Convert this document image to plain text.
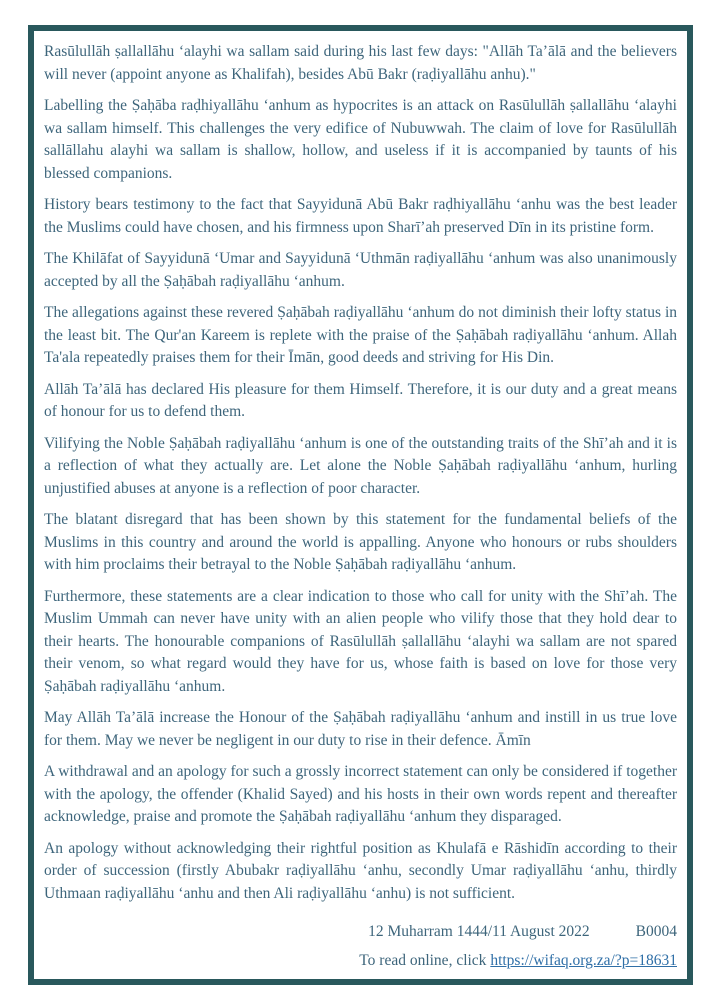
Rasūlullāh ṣallallāhu ‘alayhi wa sallam said during his last few days: "Allāh Ta’ālā and the believers will never (appoint anyone as Khalifah), besides Abū Bakr (raḍiyallāhu anhu)."

Labelling the Ṣaḥāba raḍhiyallāhu ‘anhum as hypocrites is an attack on Rasūlullāh ṣallallāhu ‘alayhi wa sallam himself. This challenges the very edifice of Nubuwwah. The claim of love for Rasūlullāh sallāllahu alayhi wa sallam is shallow, hollow, and useless if it is accompanied by taunts of his blessed companions.

History bears testimony to the fact that Sayyidunā Abū Bakr raḍhiyallāhu ‘anhu was the best leader the Muslims could have chosen, and his firmness upon Sharī’ah preserved Dīn in its pristine form.

The Khilāfat of Sayyidunā ‘Umar and Sayyidunā ‘Uthmān raḍiyallāhu ‘anhum was also unanimously accepted by all the Ṣaḥābah raḍiyallāhu ‘anhum.

The allegations against these revered Ṣaḥābah raḍiyallāhu ‘anhum do not diminish their lofty status in the least bit. The Qur'an Kareem is replete with the praise of the Ṣaḥābah raḍiyallāhu ‘anhum. Allah Ta'ala repeatedly praises them for their Īmān, good deeds and striving for His Din.

Allāh Ta’ālā has declared His pleasure for them Himself. Therefore, it is our duty and a great means of honour for us to defend them.

Vilifying the Noble Ṣaḥābah raḍiyallāhu ‘anhum is one of the outstanding traits of the Shī’ah and it is a reflection of what they actually are. Let alone the Noble Ṣaḥābah raḍiyallāhu ‘anhum, hurling unjustified abuses at anyone is a reflection of poor character.

The blatant disregard that has been shown by this statement for the fundamental beliefs of the Muslims in this country and around the world is appalling. Anyone who honours or rubs shoulders with him proclaims their betrayal to the Noble Ṣaḥābah raḍiyallāhu ‘anhum.

Furthermore, these statements are a clear indication to those who call for unity with the Shī’ah. The Muslim Ummah can never have unity with an alien people who vilify those that they hold dear to their hearts. The honourable companions of Rasūlullāh ṣallallāhu ‘alayhi wa sallam are not spared their venom, so what regard would they have for us, whose faith is based on love for those very Ṣaḥābah raḍiyallāhu ‘anhum.

May Allāh Ta’ālā increase the Honour of the Ṣaḥābah raḍiyallāhu ‘anhum and instill in us true love for them. May we never be negligent in our duty to rise in their defence. Āmīn

A withdrawal and an apology for such a grossly incorrect statement can only be considered if together with the apology, the offender (Khalid Sayed) and his hosts in their own words repent and thereafter acknowledge, praise and promote the Ṣaḥābah raḍiyallāhu ‘anhum they disparaged.

An apology without acknowledging their rightful position as Khulafā e Rāshidīn according to their order of succession (firstly Abubakr raḍiyallāhu ‘anhu, secondly Umar raḍiyallāhu ‘anhu, thirdly Uthmaan raḍiyallāhu ‘anhu and then Ali raḍiyallāhu ‘anhu) is not sufficient.

12 Muharram 1444/11 August 2022	B0004
To read online, click https://wifaq.org.za/?p=18631
